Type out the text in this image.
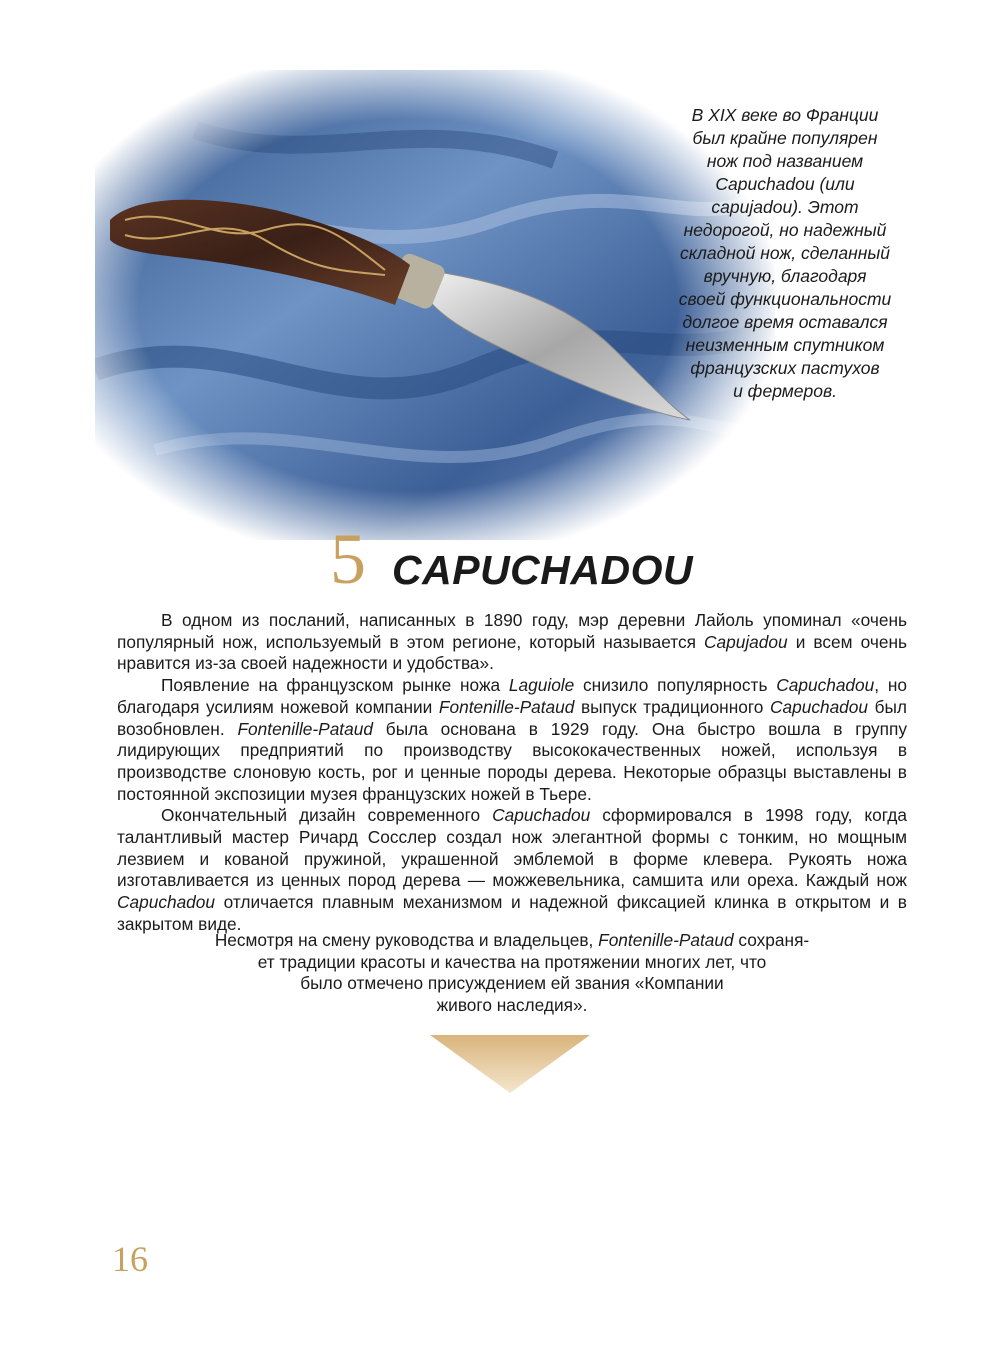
В XIX веке во Франции
был крайне популярен
нож под названием
Capuchadou (или
capujadou). Этот
недорогой, но надежный
складной нож, сделанный
вручную, благодаря
своей функциональности
долгое время оставался
неизменным спутником
французских пастухов
и фермеров.
5 CAPUCHADOU

В одном из посланий, написанных в 1890 году, мэр деревни Лайоль упоминал «очень популярный нож, используемый в этом регионе, который называется Capujadou и всем очень нравится из-за своей надежности и удобства».

Появление на французском рынке ножа Laguiole снизило популярность Capuchadou, но благодаря усилиям ножевой компании Fontenille-Pataud выпуск традиционного Capuchadou был возобновлен. Fontenille-Pataud была основана в 1929 году. Она быстро вошла в группу лидирующих предприятий по производству высококачественных ножей, используя в производстве слоновую кость, рог и ценные породы дерева. Некоторые образцы выставлены в постоянной экспозиции музея французских ножей в Тьере.

Окончательный дизайн современного Capuchadou сформировался в 1998 году, когда талантливый мастер Ричард Сосслер создал нож элегантной формы с тонким, но мощным лезвием и кованой пружиной, украшенной эмблемой в форме клевера. Рукоять ножа изготавливается из ценных пород дерева — можжевельника, самшита или ореха. Каждый нож Capuchadou отличается плавным механизмом и надежной фиксацией клинка в открытом и в закрытом виде.

Несмотря на смену руководства и владельцев, Fontenille-Pataud сохраня-
ет традиции красоты и качества на протяжении многих лет, что
было отмечено присуждением ей звания «Компании
живого наследия».
16
